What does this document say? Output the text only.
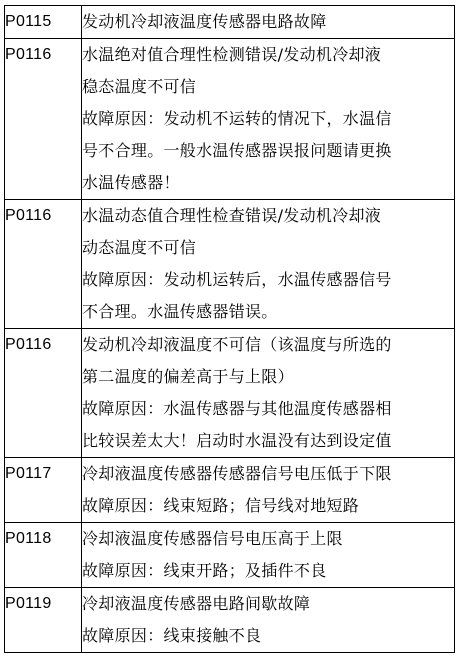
P0115	发动机冷却液温度传感器电路故障

P0116	水温绝对值合理性检测错误/发动机冷却液
稳态温度不可信
故障原因：发动机不运转的情况下，水温信
号不合理。一般水温传感器误报问题请更换
水温传感器！

P0116	水温动态值合理性检查错误/发动机冷却液
动态温度不可信
故障原因：发动机运转后，水温传感器信号
不合理。水温传感器错误。

P0116	发动机冷却液温度不可信（该温度与所选的
第二温度的偏差高于与上限）
故障原因：水温传感器与其他温度传感器相
比较误差太大！启动时水温没有达到设定值

P0117	冷却液温度传感器传感器信号电压低于下限
故障原因：线束短路；信号线对地短路

P0118	冷却液温度传感器信号电压高于上限
故障原因：线束开路；及插件不良

P0119	冷却液温度传感器电路间歇故障
故障原因：线束接触不良
